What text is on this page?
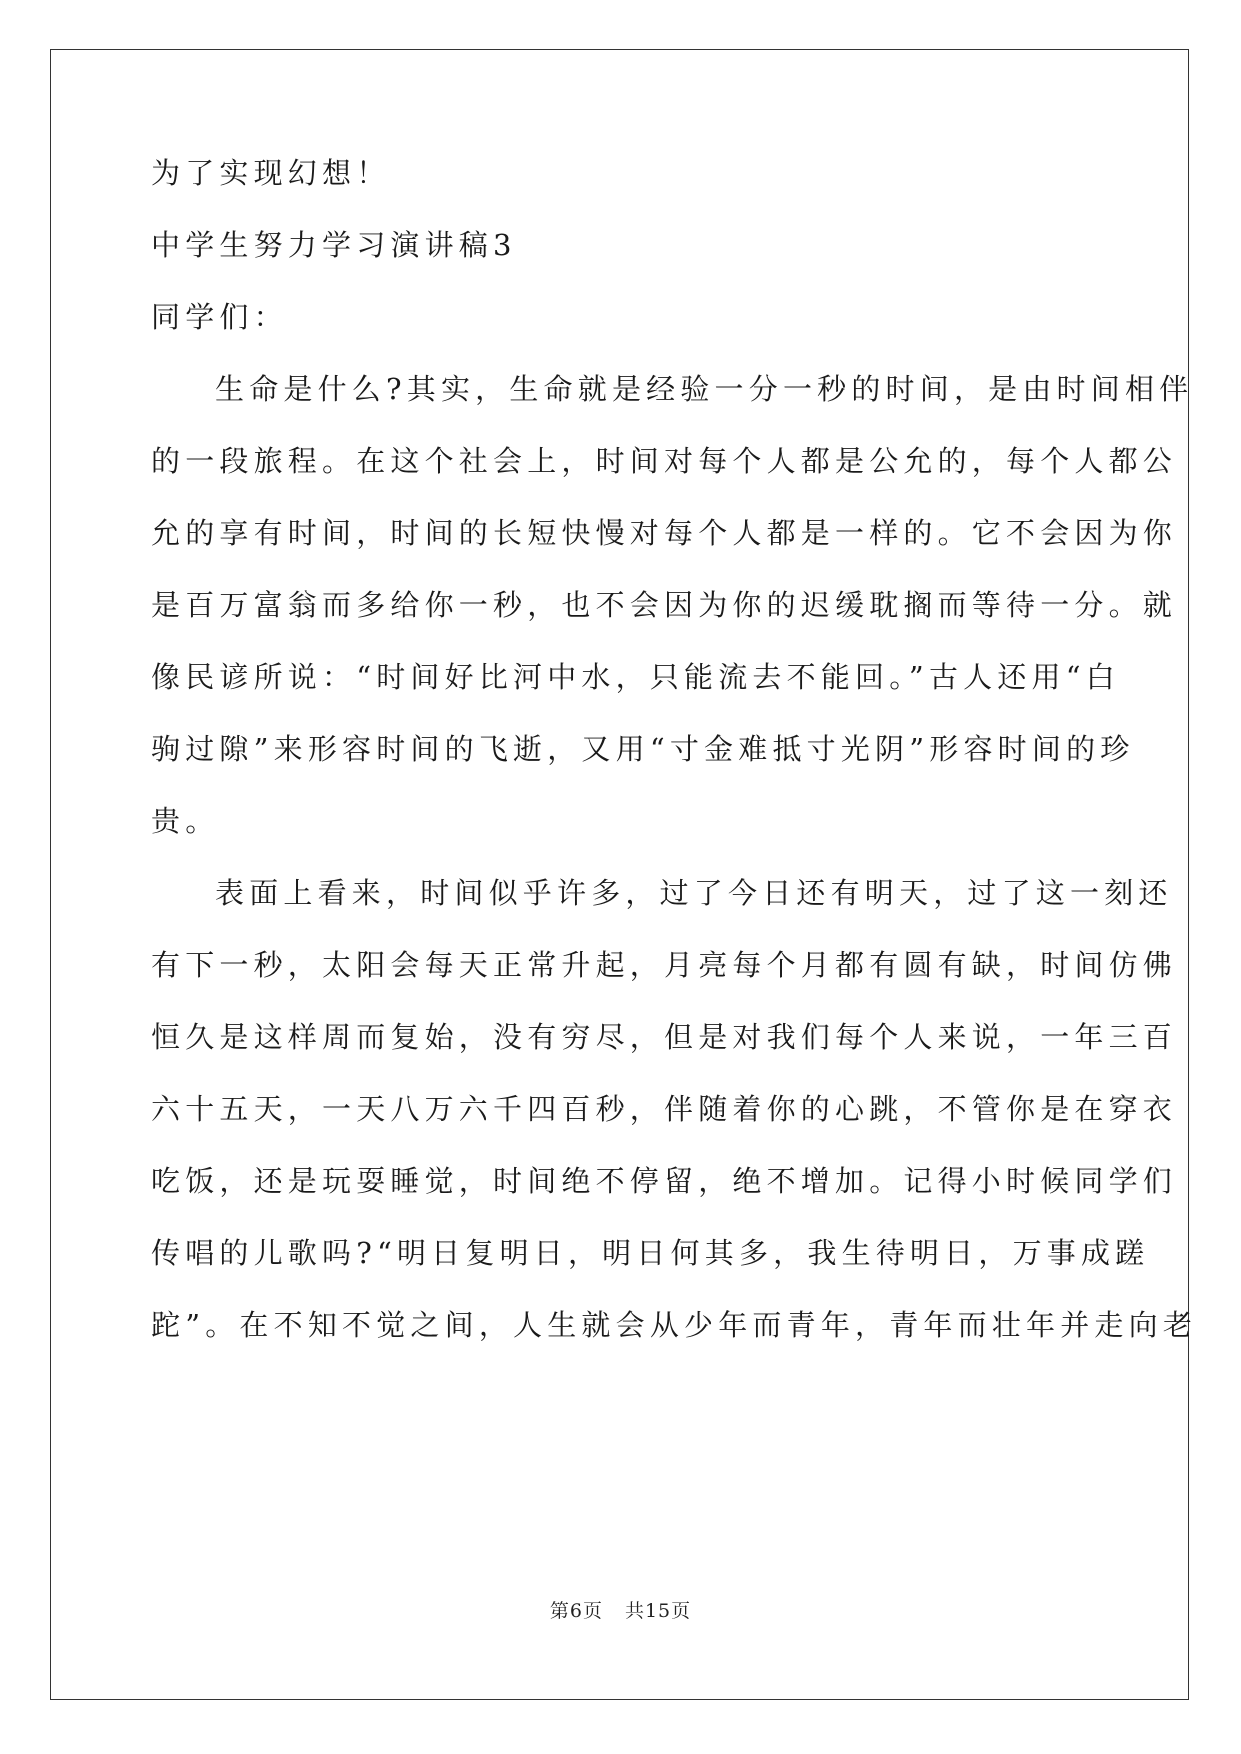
为了实现幻想！
中学生努力学习演讲稿3
同学们：
生命是什么?其实，生命就是经验一分一秒的时间，是由时间相伴
的一段旅程。在这个社会上，时间对每个人都是公允的，每个人都公
允的享有时间，时间的长短快慢对每个人都是一样的。它不会因为你
是百万富翁而多给你一秒，也不会因为你的迟缓耽搁而等待一分。就
像民谚所说：“时间好比河中水，只能流去不能回。”古人还用“白
驹过隙”来形容时间的飞逝，又用“寸金难抵寸光阴”形容时间的珍
贵。
表面上看来，时间似乎许多，过了今日还有明天，过了这一刻还
有下一秒，太阳会每天正常升起，月亮每个月都有圆有缺，时间仿佛
恒久是这样周而复始，没有穷尽，但是对我们每个人来说，一年三百
六十五天，一天八万六千四百秒，伴随着你的心跳，不管你是在穿衣
吃饭，还是玩耍睡觉，时间绝不停留，绝不增加。记得小时候同学们
传唱的儿歌吗?“明日复明日，明日何其多，我生待明日，万事成蹉
跎”。在不知不觉之间，人生就会从少年而青年，青年而壮年并走向老
第6页 共15页
